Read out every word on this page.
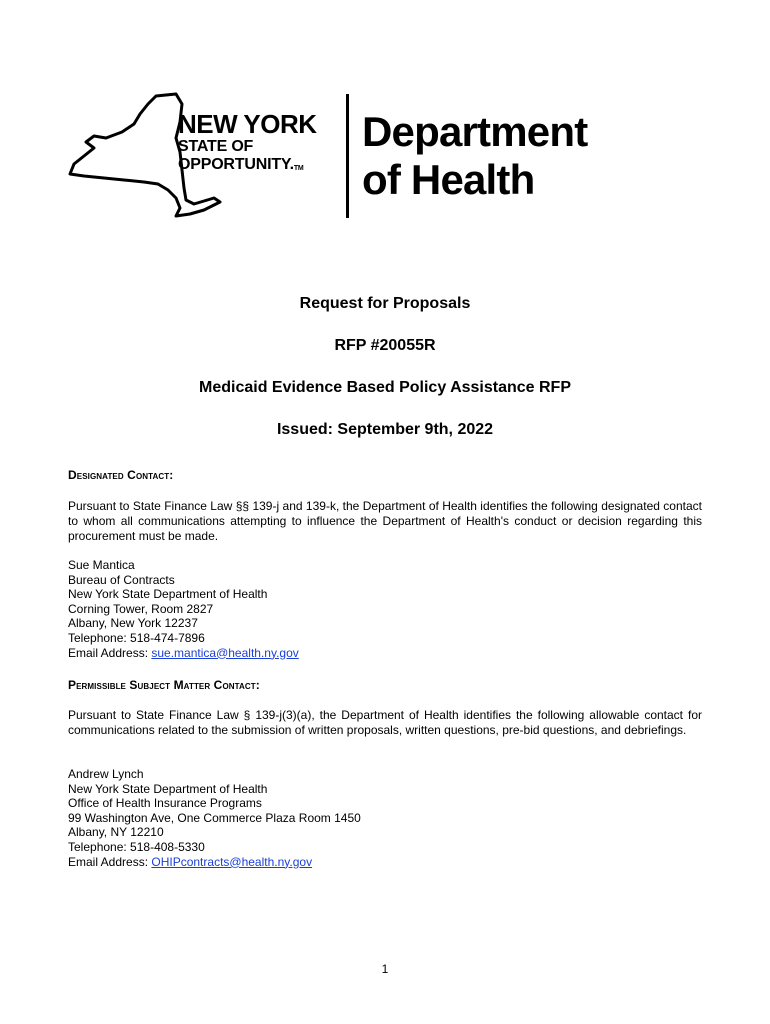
NEW YORK
STATE OF
OPPORTUNITY.TM
Department
of Health
Request for Proposals
RFP #20055R
Medicaid Evidence Based Policy Assistance RFP
Issued: September 9th, 2022
Designated Contact:
Pursuant to State Finance Law §§ 139-j and 139-k, the Department of Health identifies the following designated contact to whom all communications attempting to influence the Department of Health's conduct or decision regarding this procurement must be made.
Sue Mantica
Bureau of Contracts
New York State Department of Health
Corning Tower, Room 2827
Albany, New York 12237
Telephone: 518-474-7896
Email Address: sue.mantica@health.ny.gov
Permissible Subject Matter Contact:
Pursuant to State Finance Law § 139-j(3)(a), the Department of Health identifies the following allowable contact for communications related to the submission of written proposals, written questions, pre-bid questions, and debriefings.
Andrew Lynch
New York State Department of Health
Office of Health Insurance Programs
99 Washington Ave, One Commerce Plaza Room 1450
Albany, NY 12210
Telephone: 518-408-5330
Email Address: OHIPcontracts@health.ny.gov
1
